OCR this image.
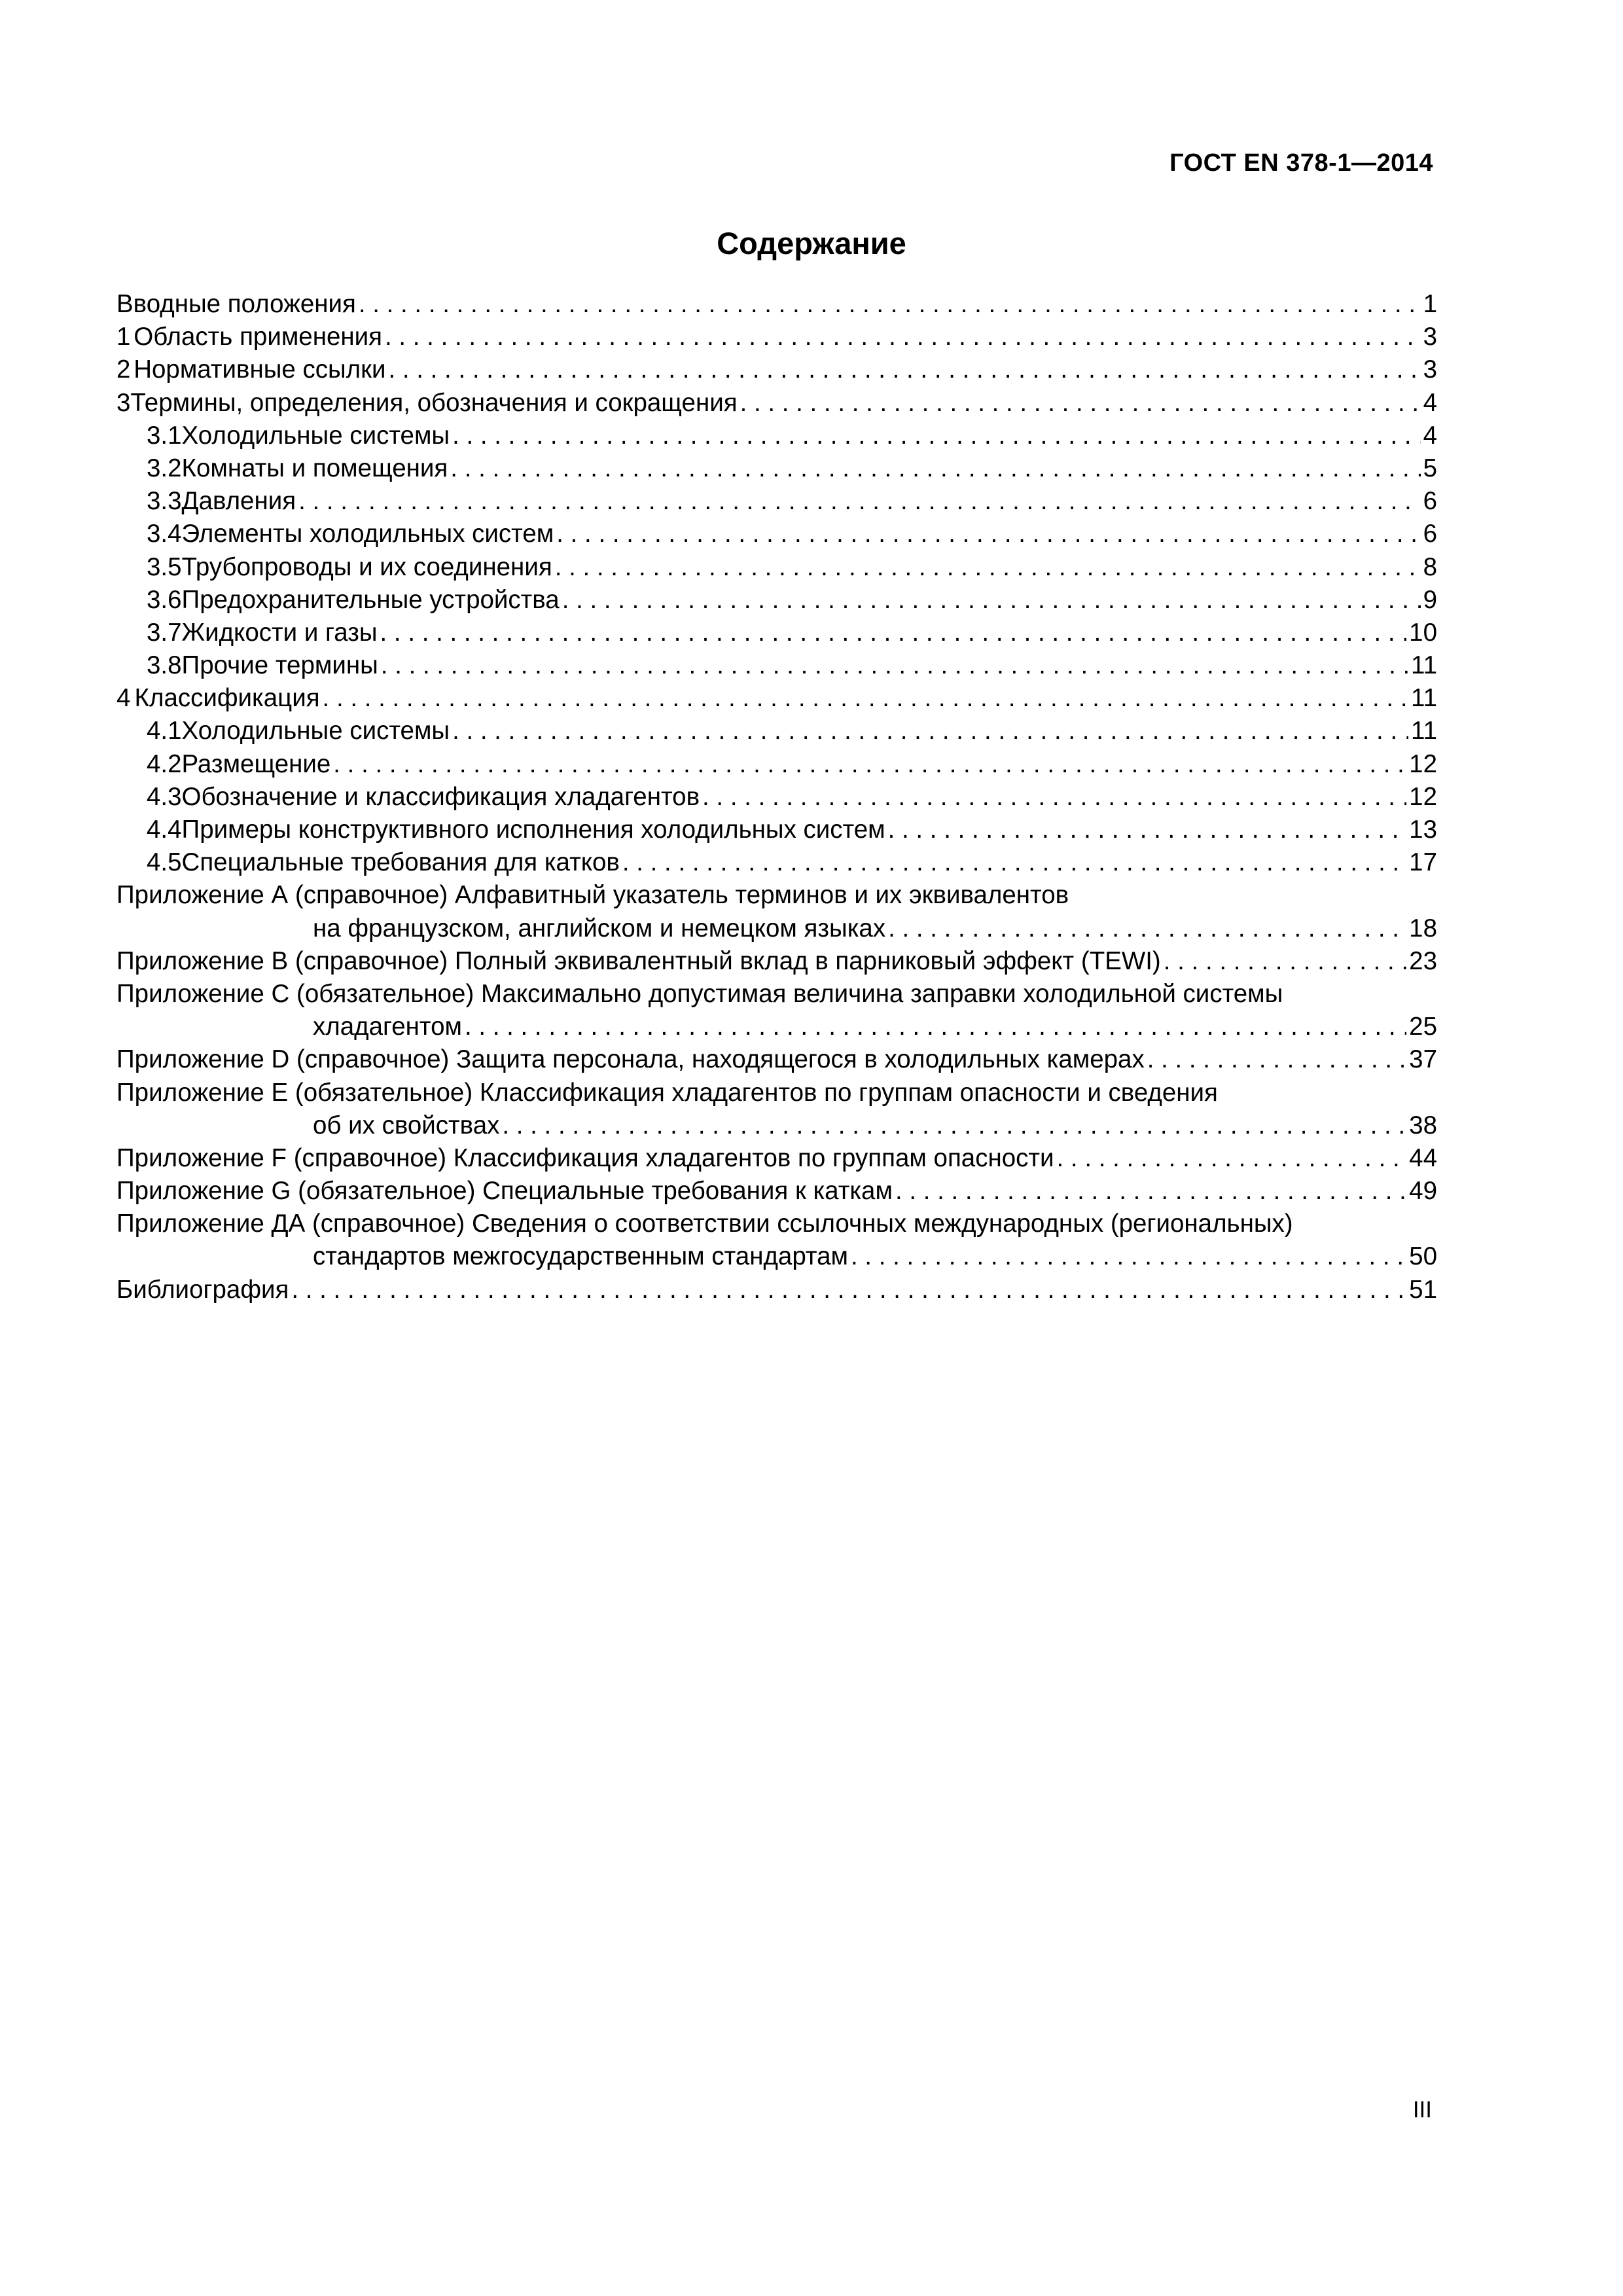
ГОСТ EN 378-1—2014
Содержание
Вводные положения . . .	1
1 Область применения . . .	3
2 Нормативные ссылки . . .	3
3 Термины, определения, обозначения и сокращения . . .	4
3.1 Холодильные системы . . .	4
3.2 Комнаты и помещения . . .	5
3.3 Давления . . .	6
3.4 Элементы холодильных систем . . .	6
3.5 Трубопроводы и их соединения . . .	8
3.6 Предохранительные устройства . . .	9
3.7 Жидкости и газы . . .	10
3.8 Прочие термины . . .	11
4 Классификация . . .	11
4.1 Холодильные системы . . .	11
4.2 Размещение . . .	12
4.3 Обозначение и классификация хладагентов . . .	12
4.4 Примеры конструктивного исполнения холодильных систем . . .	13
4.5 Специальные требования для катков . . .	17
Приложение А (справочное) Алфавитный указатель терминов и их эквивалентов
на французском, английском и немецком языках . . .	18
Приложение В (справочное) Полный эквивалентный вклад в парниковый эффект (TEWI) . . .	23
Приложение С (обязательное) Максимально допустимая величина заправки холодильной системы
хладагентом . . .	25
Приложение D (справочное) Защита персонала, находящегося в холодильных камерах . . .	37
Приложение Е (обязательное) Классификация хладагентов по группам опасности и сведения
об их свойствах . . .	38
Приложение F (справочное) Классификация хладагентов по группам опасности . . .	44
Приложение G (обязательное) Специальные требования к каткам . . .	49
Приложение ДА (справочное) Сведения о соответствии ссылочных международных (региональных)
стандартов межгосударственным стандартам . . .	50
Библиография . . .	51
III
